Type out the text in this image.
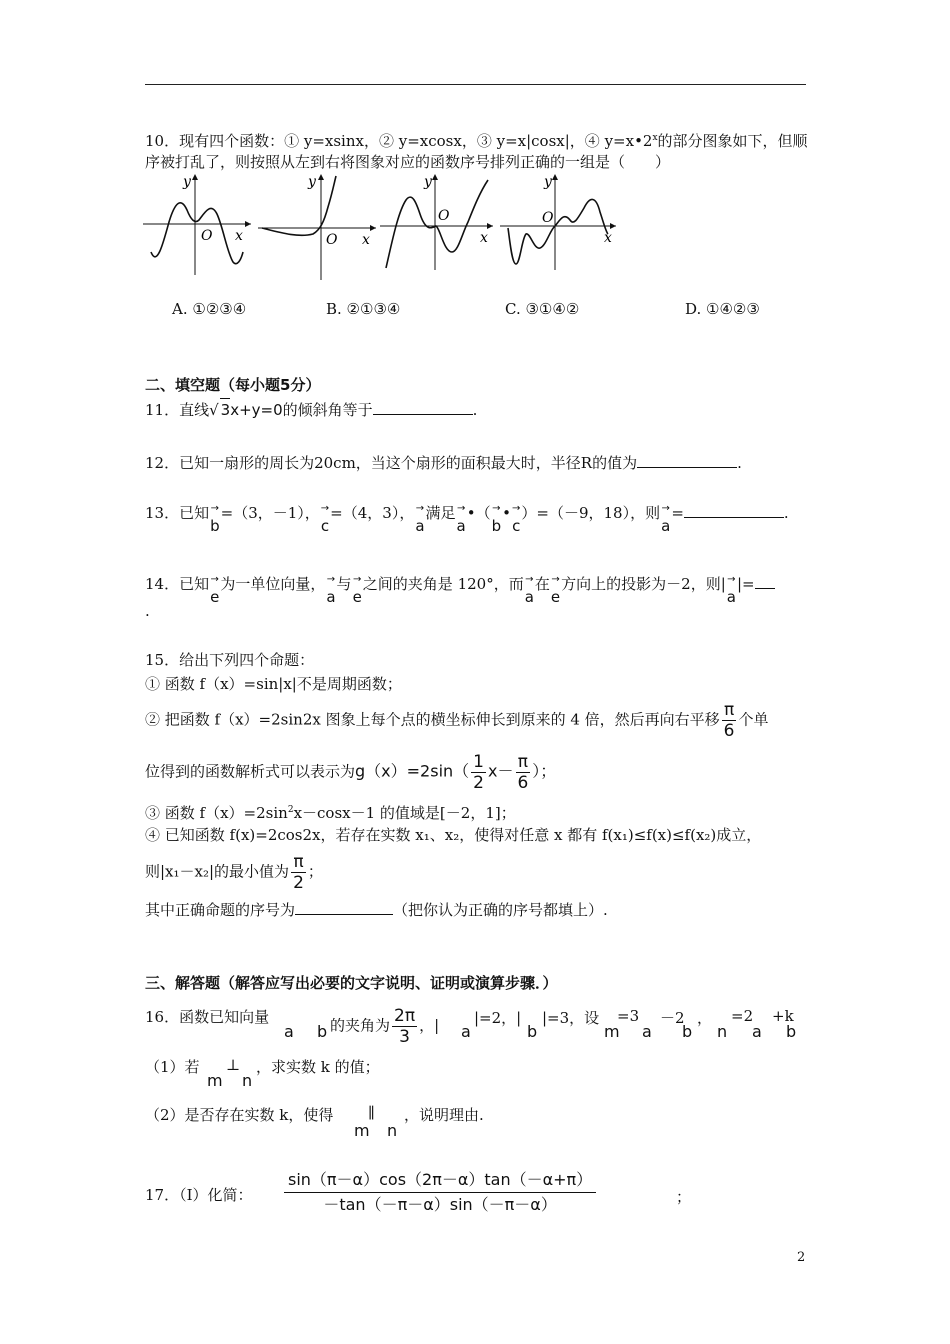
10．现有四个函数：① y=xsinx，② y=xcosx，③ y=x|cosx|，④ $y=x•2^x$的部分图象如下，但顺
序被打乱了，则按照从左到右将图象对应的函数序号排列正确的一组是（　　）
y
O x
y
O x
y
O
x
y
O
x
A. ①②③④	B. ②①③④	C. ③①④②	D. ①④②③
二、填空题（每小题5分）
11．直线√ 3x+y=0的倾斜角等于	.
12．已知一扇形的周长为20cm，当这个扇形的面积最大时，半径R的值为	.
13．已知 →
b
=（3，－1）， →
c
=（4，3）， →
a
满足 →
a
•（ →
b
• →
c
）=（－9，18），则 →
a
=	.
14．已知 →
e
为一单位向量， →
a
与 →
e
之间的夹角是 120°，而 →
a
在 →
e
方向上的投影为－2，则| →
a
|=
.
15．给出下列四个命题：
① 函数 f（x）=sin|x|不是周期函数；
② 把函数 f（x）=2sin2x 图象上每个点的横坐标伸长到原来的 4 倍，然后再向右平移 $\frac{\pi}{6}$ 个单
位得到的函数解析式可以表示为$g(x)=2\sin( \frac{1}{2} x- \frac{\pi}{6}$ ）；
③ 函数 $f(x)=2\sin^2x-\cos x-1$ 的值域是[－2，1]；
④ 已知函数 f(x)=2cos2x，若存在实数 x₁、x₂，使得对任意 x 都有 f(x₁)≤f(x)≤f(x₂)成立，
则|x₁－x₂|的最小值为 $\frac{\pi}{2}$ ；
其中正确命题的序号为	（把你认为正确的序号都填上）.
三、解答题（解答应写出必要的文字说明、证明或演算步骤．）
16．函数已知向量	的夹角为 $\frac{2\pi}{3}$ ，| |=2，| |=3，设 =3 －2 ， =2 +k
a b	a	b	m a b n a b
（1）若 ⊥ ，求实数 k 的值；
m n
（2）是否存在实数 k，使得 ∥ ，说明理由.
m n
17．（Ⅰ）化简： $\frac{\sin(\pi-\alpha)\cos(2\pi-\alpha)\tan(-\alpha+\pi)}{-\tan(-\pi-\alpha)\sin(-\pi-\alpha)}$	；
2
